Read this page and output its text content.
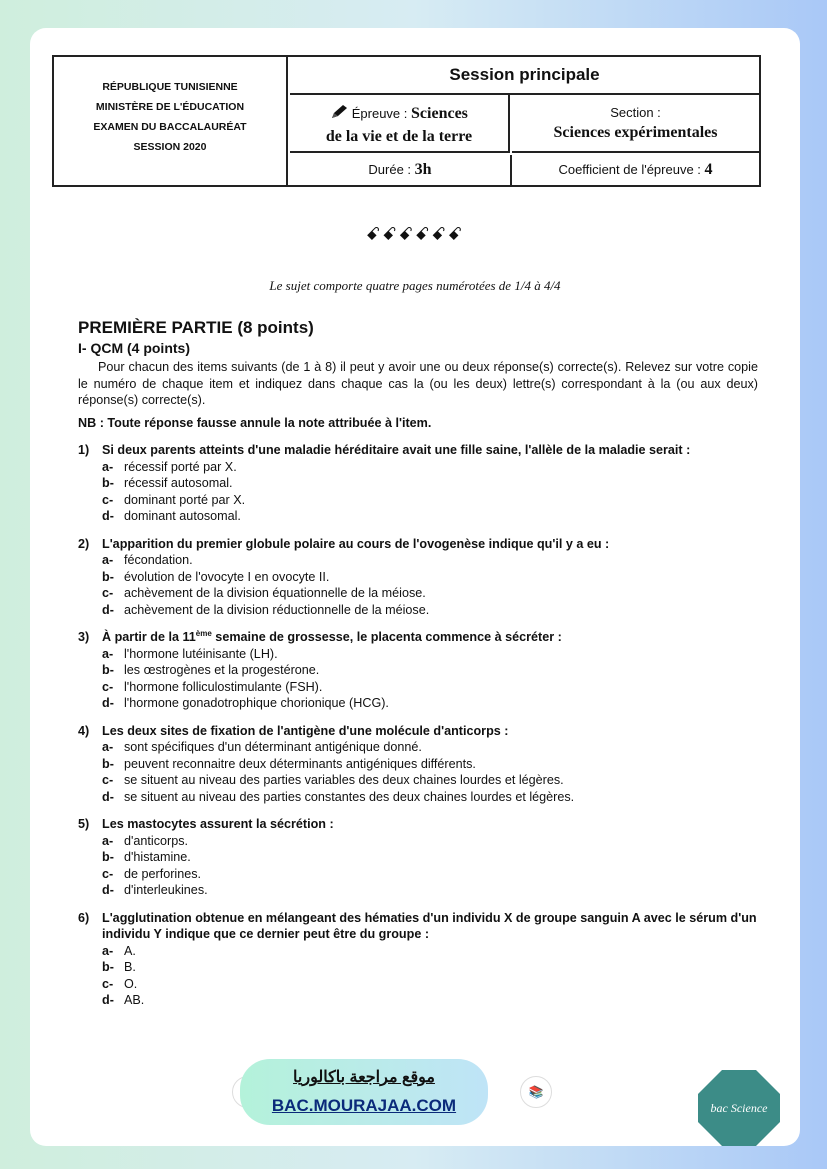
RÉPUBLIQUE TUNISIENNE
MINISTÈRE DE L'ÉDUCATION
EXAMEN DU BACCALAURÉAT
SESSION 2020
Session principale
Épreuve : Sciences
de la vie et de la terre
Section :
Sciences expérimentales
Durée : 3h	Coefficient de l'épreuve : 4
ꗃꗃꗃꗃꗃꗃ
Le sujet comporte quatre pages numérotées de 1/4 à 4/4
PREMIÈRE PARTIE (8 points)
I- QCM (4 points)

Pour chacun des items suivants (de 1 à 8) il peut y avoir une ou deux réponse(s) correcte(s). Relevez sur votre copie le numéro de chaque item et indiquez dans chaque cas la (ou les deux) lettre(s) correspondant à la (ou aux deux) réponse(s) correcte(s).

NB : Toute réponse fausse annule la note attribuée à l'item.
1) Si deux parents atteints d'une maladie héréditaire avait une fille saine, l'allèle de la maladie serait :
a- récessif porté par X.
b- récessif autosomal.
c- dominant porté par X.
d- dominant autosomal.
2) L'apparition du premier globule polaire au cours de l'ovogenèse indique qu'il y a eu :
a- fécondation.
b- évolution de l'ovocyte I en ovocyte II.
c- achèvement de la division équationnelle de la méiose.
d- achèvement de la division réductionnelle de la méiose.
3) À partir de la 11ème semaine de grossesse, le placenta commence à sécréter :
a- l'hormone lutéinisante (LH).
b- les œstrogènes et la progestérone.
c- l'hormone folliculostimulante (FSH).
d- l'hormone gonadotrophique chorionique (HCG).
4) Les deux sites de fixation de l'antigène d'une molécule d'anticorps :
a- sont spécifiques d'un déterminant antigénique donné.
b- peuvent reconnaitre deux déterminants antigéniques différents.
c- se situent au niveau des parties variables des deux chaines lourdes et légères.
d- se situent au niveau des parties constantes des deux chaines lourdes et légères.
5) Les mastocytes assurent la sécrétion :
a- d'anticorps.
b- d'histamine.
c- de perforines.
d- d'interleukines.
6) L'agglutination obtenue en mélangeant des hématies d'un individu X de groupe sanguin A avec le sérum d'un individu Y indique que ce dernier peut être du groupe :
a- A.
b- B.
c- O.
d- AB.
موقع مراجعة باكالوريا
BAC.MOURAJAA.COM
📚
bac Science
